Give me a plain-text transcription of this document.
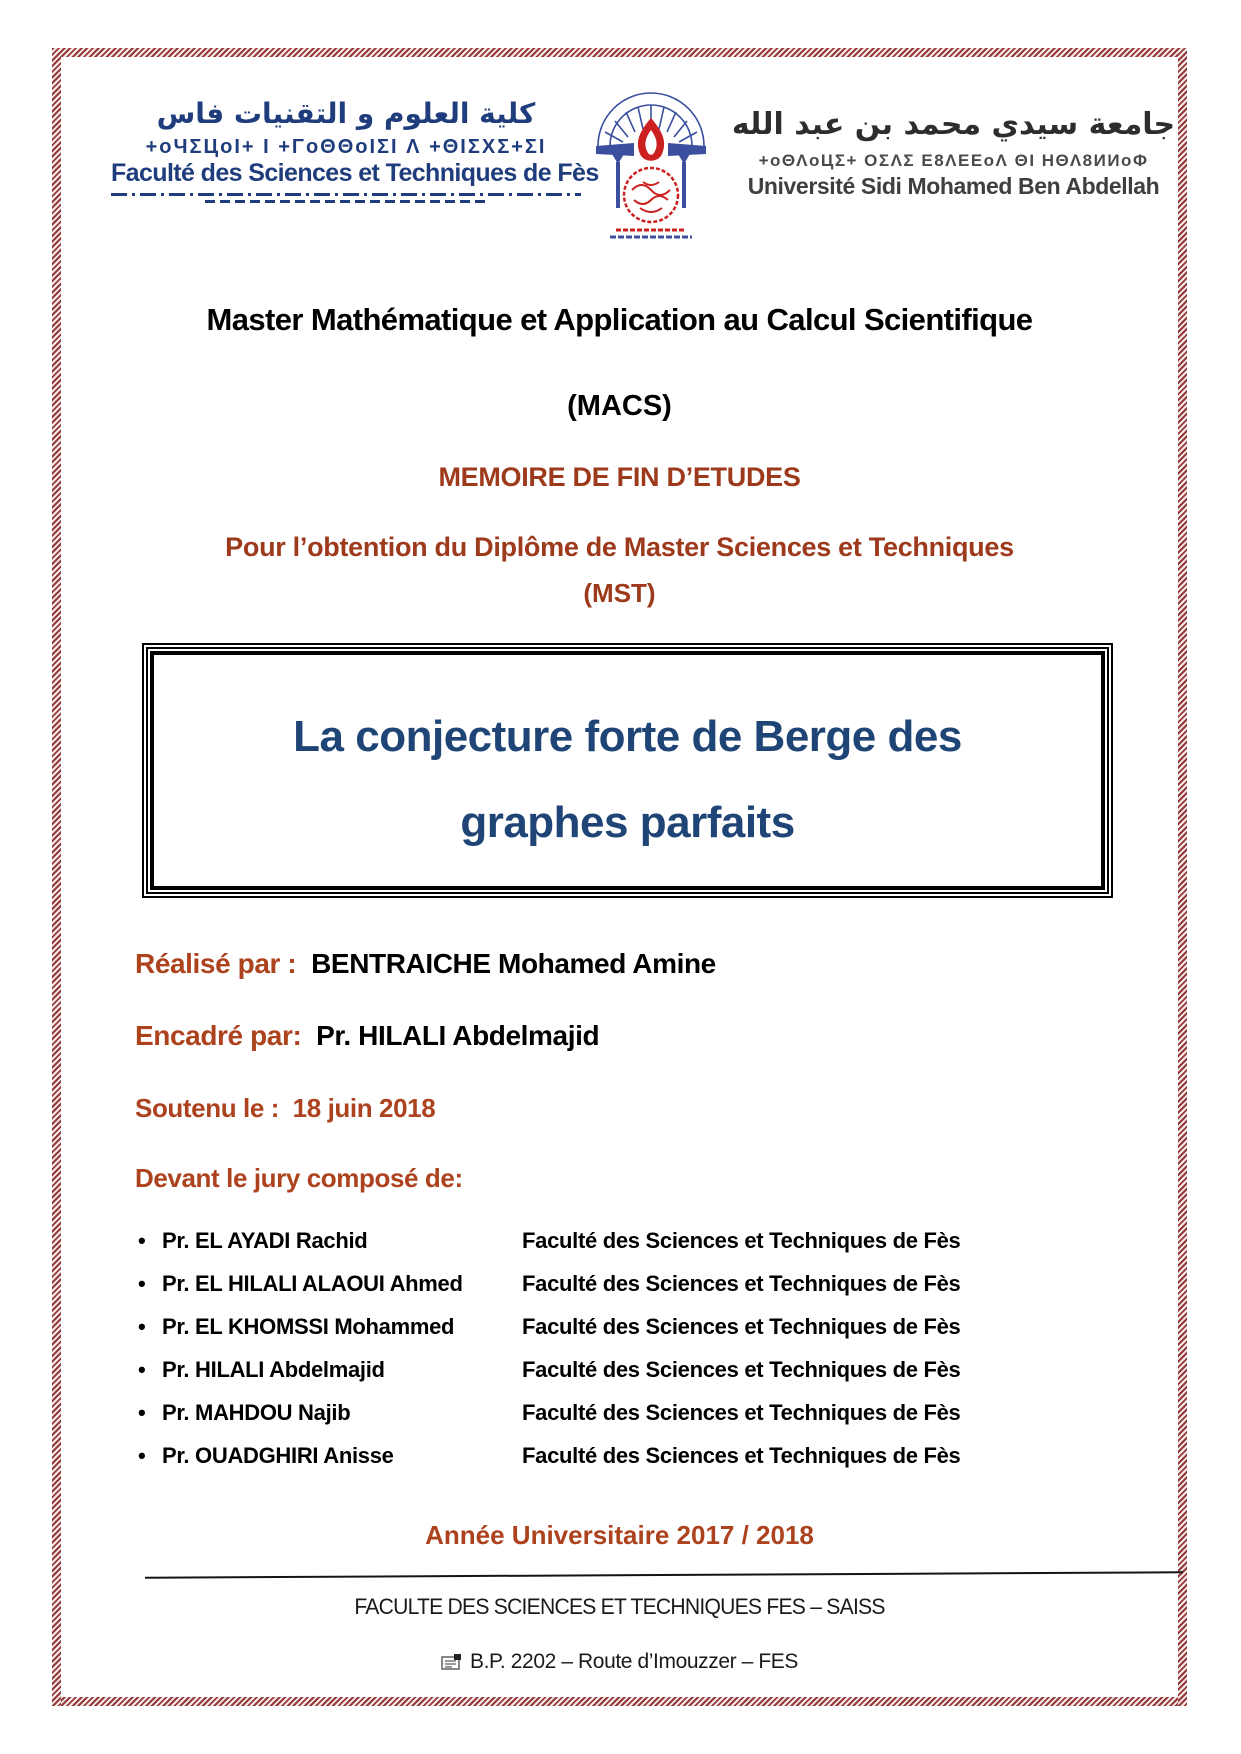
كلية العلوم و التقنيات فاس
+oЧΣЦoI+ I +ΓoΘΘoIΣI Λ +ΘIΣΧΣ+ΣI
Faculté des Sciences et Techniques de Fès
جامعة سيدي محمد بن عبد الله
+oΘΛoЦΣ+ OΣΛΣ Ε8ΛΕΕoΛ ΘI ΗΘΛ8ИИoΦ
Université Sidi Mohamed Ben Abdellah
Master Mathématique et Application au Calcul Scientifique
(MACS)
MEMOIRE DE FIN D’ETUDES
Pour l’obtention du Diplôme de Master Sciences et Techniques
(MST)
La conjecture forte de Berge des
graphes parfaits
Réalisé par : BENTRAICHE Mohamed Amine
Encadré par: Pr. HILALI Abdelmajid
Soutenu le : 18 juin 2018
Devant le jury composé de:
• Pr. EL AYADI Rachid	Faculté des Sciences et Techniques de Fès
• Pr. EL HILALI ALAOUI Ahmed	Faculté des Sciences et Techniques de Fès
• Pr. EL KHOMSSI Mohammed	Faculté des Sciences et Techniques de Fès
• Pr. HILALI Abdelmajid	Faculté des Sciences et Techniques de Fès
• Pr. MAHDOU Najib	Faculté des Sciences et Techniques de Fès
• Pr. OUADGHIRI Anisse	Faculté des Sciences et Techniques de Fès
Année Universitaire 2017 / 2018
FACULTE DES SCIENCES ET TECHNIQUES FES – SAISS
B.P. 2202 – Route d’Imouzzer – FES
